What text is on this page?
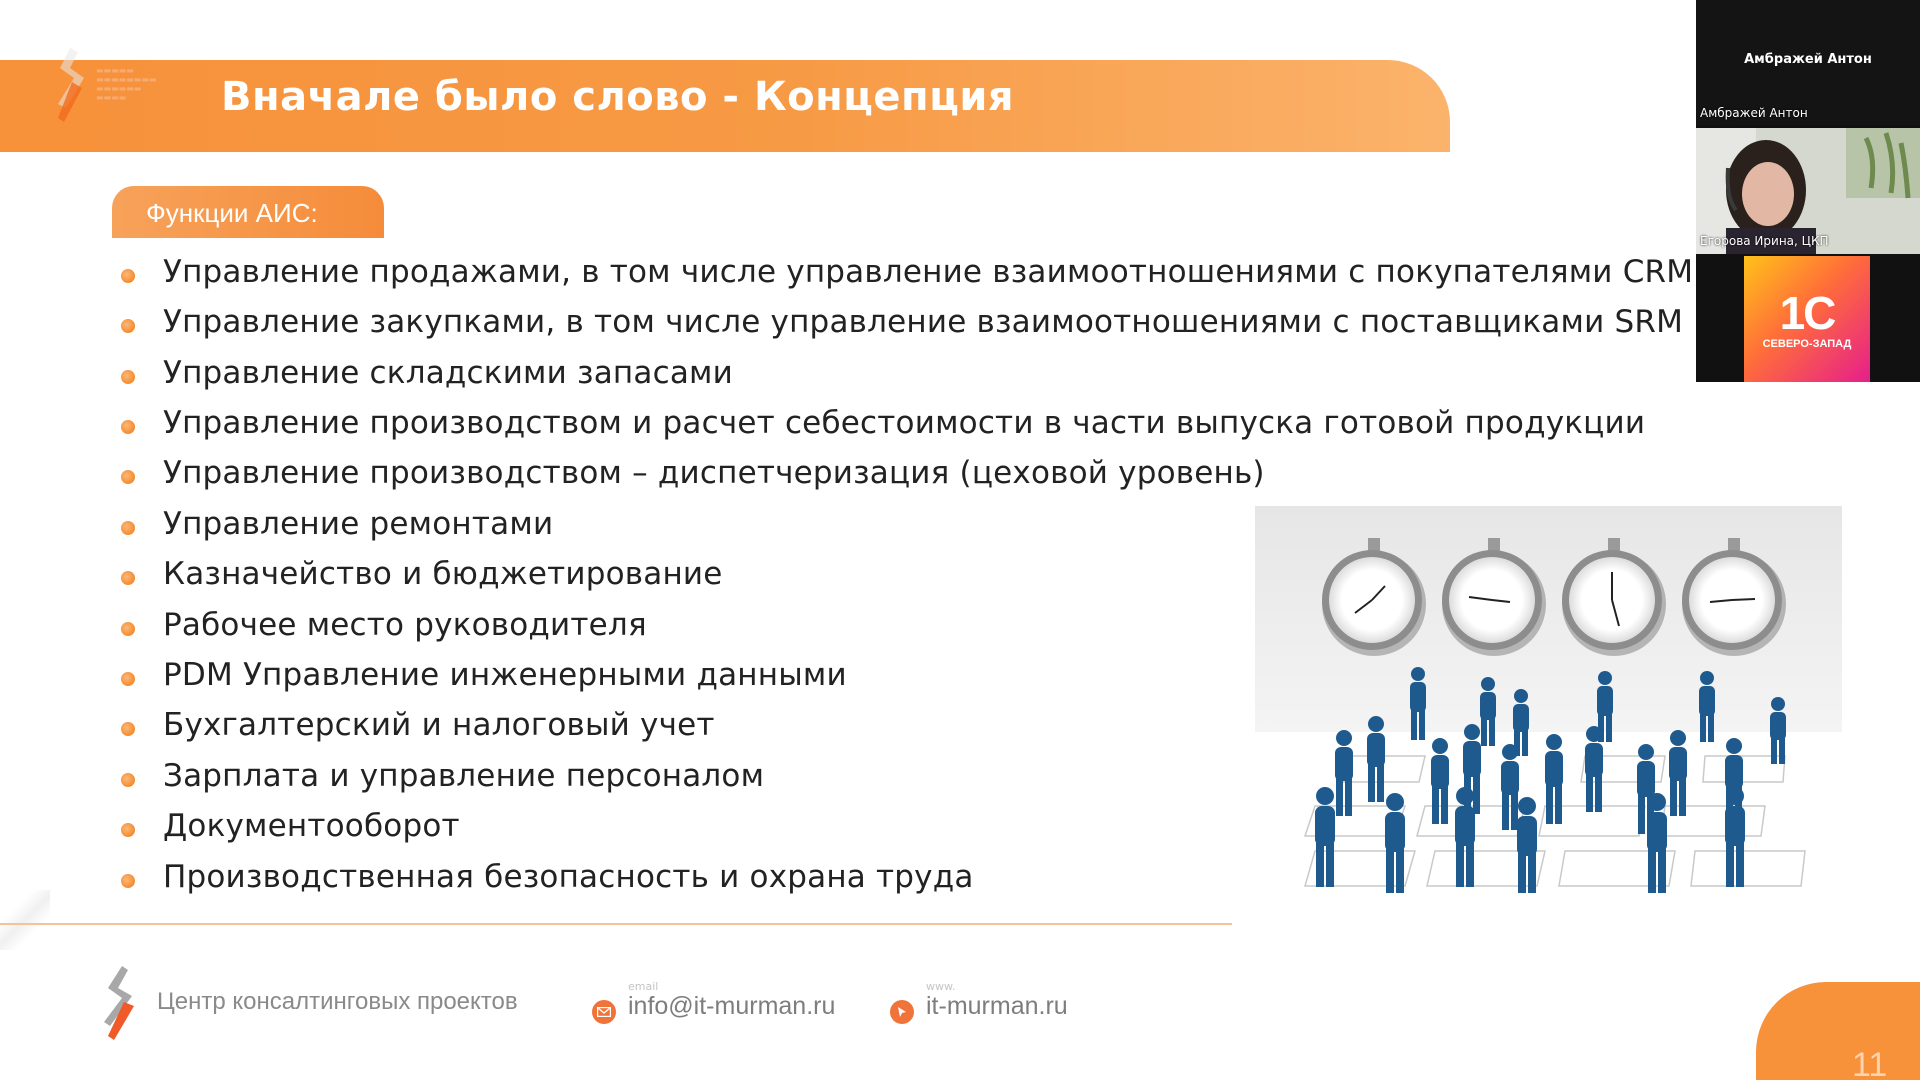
▬▬▬▬▬
▬▬▬▬▬▬▬▬
▬▬▬▬▬▬
▬▬▬▬	Вначале было слово - Концепция
Функции АИС:
Управление продажами, в том числе управление взаимоотношениями с покупателями CRM
Управление закупками, в том числе управление взаимоотношениями с поставщиками SRM
Управление складскими запасами
Управление производством и расчет себестоимости в части выпуска готовой продукции
Управление производством – диспетчеризация (цеховой уровень)
Управление ремонтами
Казначейство и бюджетирование
Рабочее место руководителя
PDM Управление инженерными данными
Бухгалтерский и налоговый учет
Зарплата и управление персоналом
Документооборот
Производственная безопасность и охрана труда
Центр консалтинговых проектов
email
info@it-murman.ru
www.
it-murman.ru
11
Амбражей Антон
Амбражей Антон
Егорова Ирина, ЦКП
1С
СЕВЕРО-ЗАПАД
